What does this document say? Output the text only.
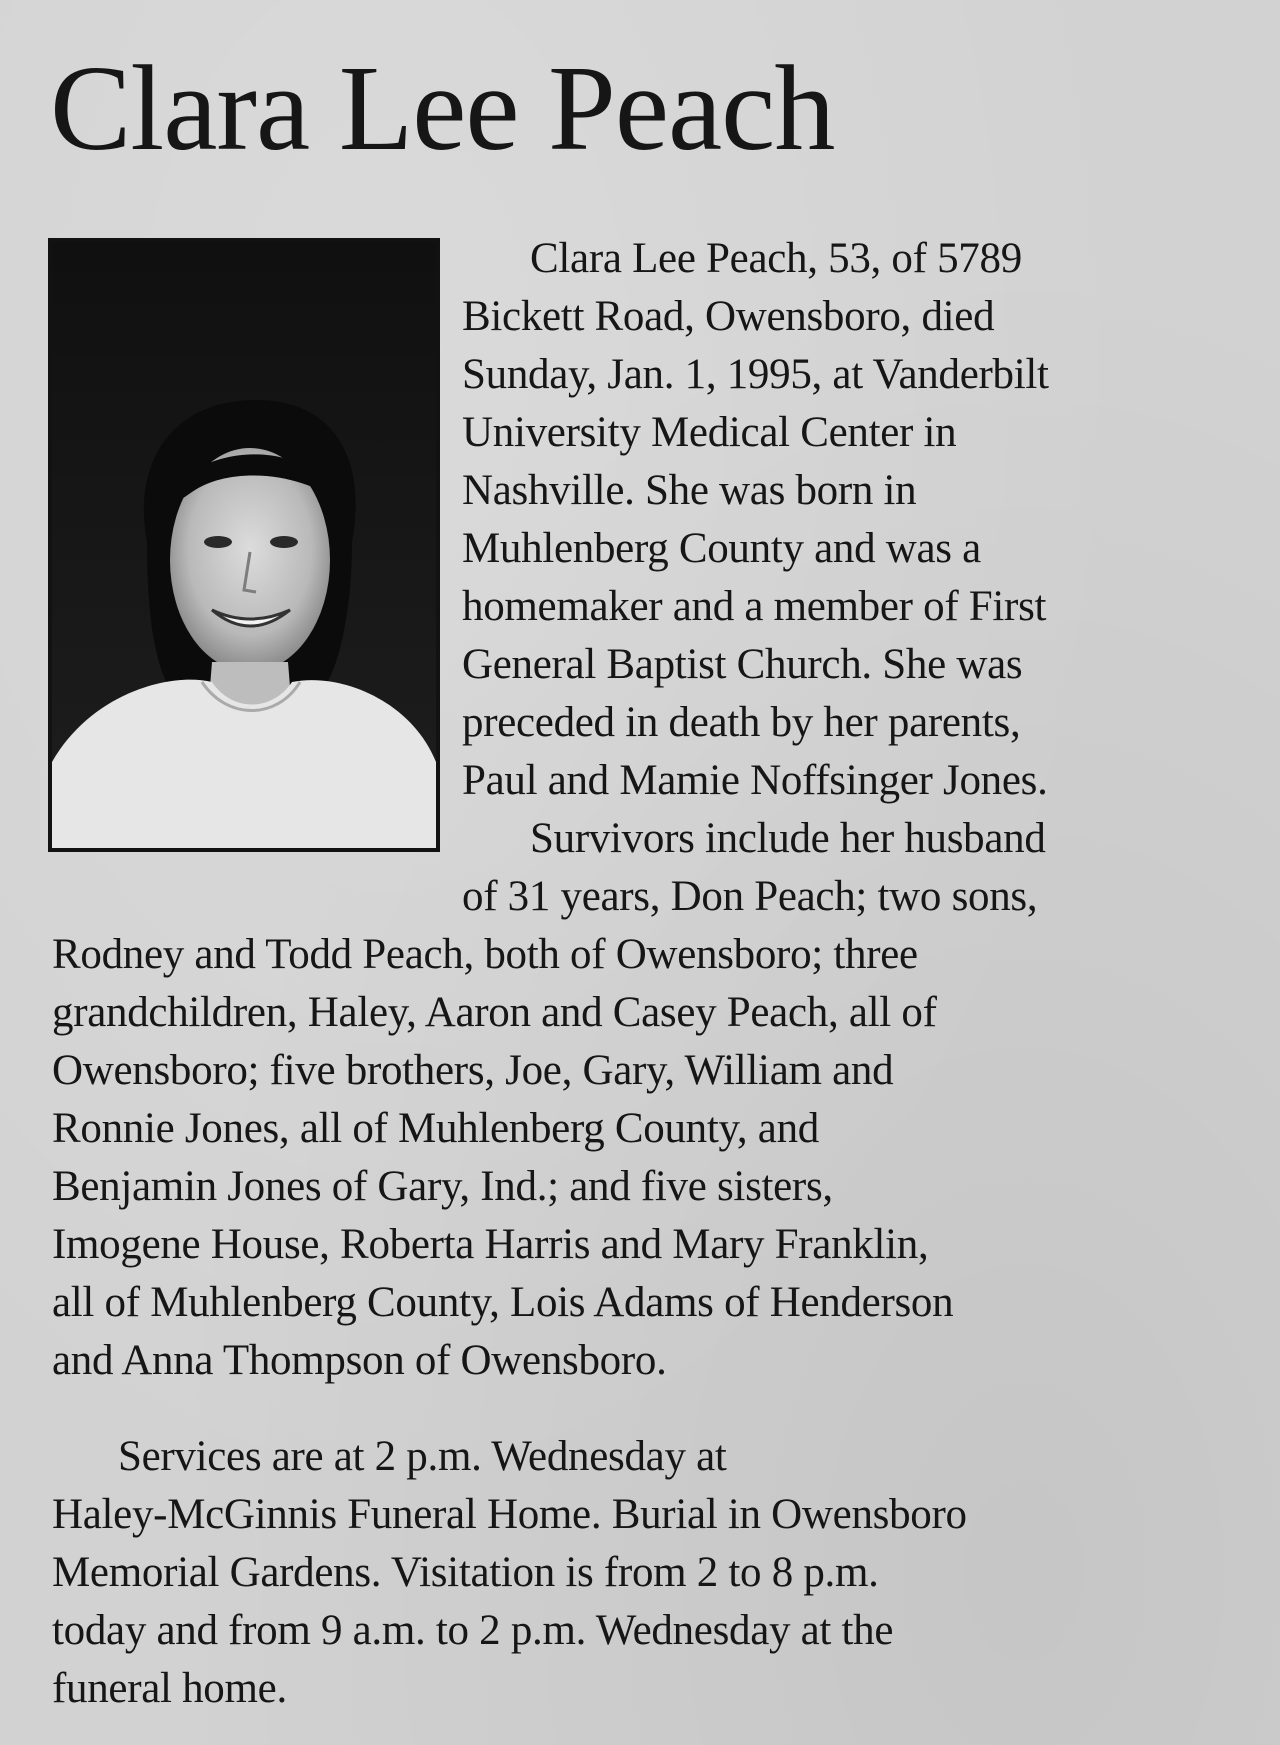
Clara Lee Peach

Clara Lee Peach, 53, of 5789

Bickett Road, Owensboro, died

Sunday, Jan. 1, 1995, at Vanderbilt

University Medical Center in

Nashville. She was born in

Muhlenberg County and was a

homemaker and a member of First

General Baptist Church. She was

preceded in death by her parents,

Paul and Mamie Noffsinger Jones.

Survivors include her husband

of 31 years, Don Peach; two sons,

Rodney and Todd Peach, both of Owensboro; three

grandchildren, Haley, Aaron and Casey Peach, all of

Owensboro; five brothers, Joe, Gary, William and

Ronnie Jones, all of Muhlenberg County, and

Benjamin Jones of Gary, Ind.; and five sisters,

Imogene House, Roberta Harris and Mary Franklin,

all of Muhlenberg County, Lois Adams of Henderson

and Anna Thompson of Owensboro.

Services are at 2 p.m. Wednesday at

Haley-McGinnis Funeral Home. Burial in Owensboro

Memorial Gardens. Visitation is from 2 to 8 p.m.

today and from 9 a.m. to 2 p.m. Wednesday at the

funeral home.
